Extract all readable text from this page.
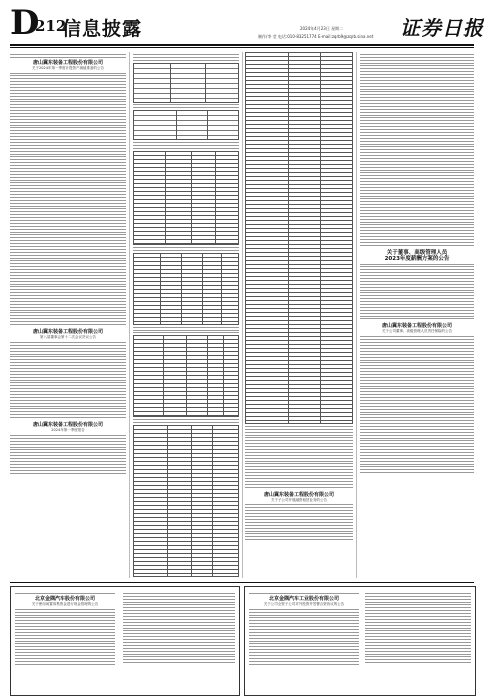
D
212
信息披露	2024年4月23日 星期二
制作/李 莹 电话:010-83251774 E-mail:zqrb9@zqrb.sina.net 证券日报
唐山冀东装备工程股份有限公司
关于2024年第一季度计提资产减值准备的公告
唐山冀东装备工程股份有限公司
第八届董事会第十二次会议决议公告
唐山冀东装备工程股份有限公司
2024年第一季度报告
唐山冀东装备工程股份有限公司
关于子公司开展融资租赁业务的公告
关于董事、高级管理人员
2023年度薪酬方案的公告
唐山冀东装备工程股份有限公司
关于公司董事、高级管理人员责任保险的公告
北京金隅汽车股份有限公司
关于使用闲置募集资金进行现金管理的公告
北京金隅汽车工业股份有限公司
关于公司全资子公司对外投资并签署合资协议的公告
